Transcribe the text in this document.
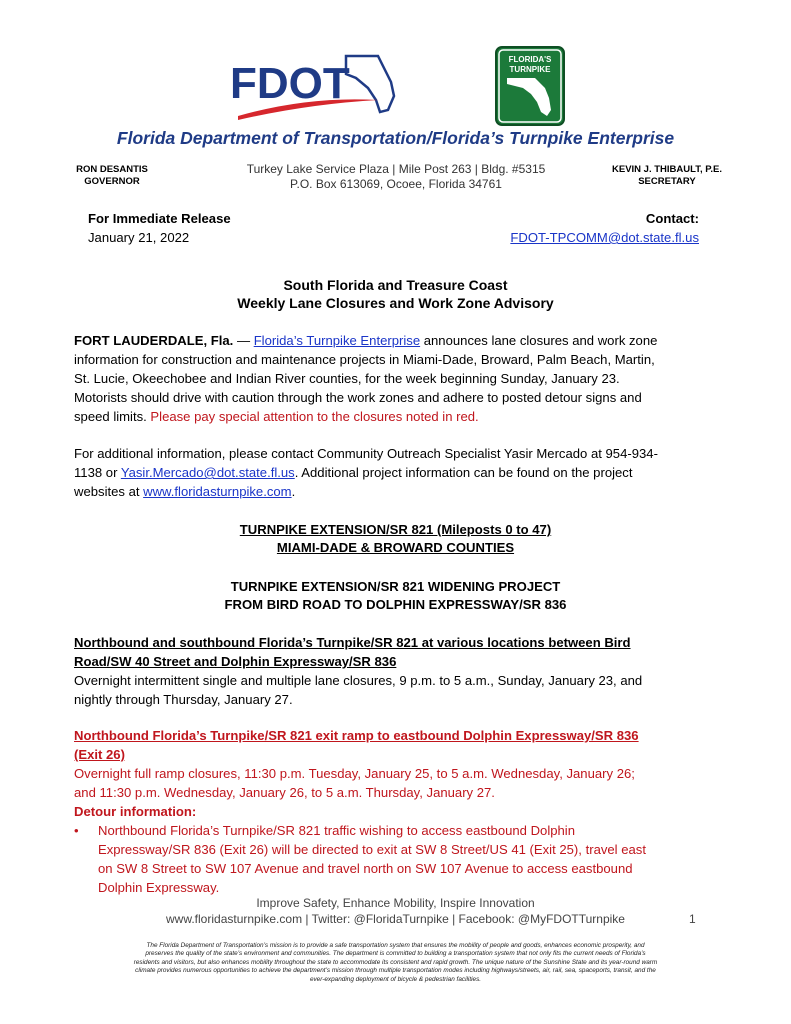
FDOT	FLORIDA'S
TURNPIKE
Florida Department of Transportation/Florida’s Turnpike Enterprise
RON DESANTIS
GOVERNOR
Turkey Lake Service Plaza | Mile Post 263 | Bldg. #5315
P.O. Box 613069, Ocoee, Florida 34761
KEVIN J. THIBAULT, P.E.
SECRETARY
For Immediate Release
January 21, 2022
Contact:
FDOT-TPCOMM@dot.state.fl.us
South Florida and Treasure Coast
Weekly Lane Closures and Work Zone Advisory
FORT LAUDERDALE, Fla. — Florida’s Turnpike Enterprise announces lane closures and work zone
information for construction and maintenance projects in Miami-Dade, Broward, Palm Beach, Martin,
St. Lucie, Okeechobee and Indian River counties, for the week beginning Sunday, January 23.
Motorists should drive with caution through the work zones and adhere to posted detour signs and
speed limits. Please pay special attention to the closures noted in red.
For additional information, please contact Community Outreach Specialist Yasir Mercado at 954-934-
1138 or Yasir.Mercado@dot.state.fl.us. Additional project information can be found on the project
websites at www.floridasturnpike.com.
TURNPIKE EXTENSION/SR 821 (Mileposts 0 to 47)
MIAMI-DADE & BROWARD COUNTIES
TURNPIKE EXTENSION/SR 821 WIDENING PROJECT
FROM BIRD ROAD TO DOLPHIN EXPRESSWAY/SR 836
Northbound and southbound Florida’s Turnpike/SR 821 at various locations between Bird
Road/SW 40 Street and Dolphin Expressway/SR 836
Overnight intermittent single and multiple lane closures, 9 p.m. to 5 a.m., Sunday, January 23, and
nightly through Thursday, January 27.
Northbound Florida’s Turnpike/SR 821 exit ramp to eastbound Dolphin Expressway/SR 836
(Exit 26)
Overnight full ramp closures, 11:30 p.m. Tuesday, January 25, to 5 a.m. Wednesday, January 26;
and 11:30 p.m. Wednesday, January 26, to 5 a.m. Thursday, January 27.
Detour information:
• Northbound Florida’s Turnpike/SR 821 traffic wishing to access eastbound Dolphin
Expressway/SR 836 (Exit 26) will be directed to exit at SW 8 Street/US 41 (Exit 25), travel east
on SW 8 Street to SW 107 Avenue and travel north on SW 107 Avenue to access eastbound
Dolphin Expressway.
Improve Safety, Enhance Mobility, Inspire Innovation
www.floridasturnpike.com | Twitter: @FloridaTurnpike | Facebook: @MyFDOTTurnpike	1
The Florida Department of Transportation’s mission is to provide a safe transportation system that ensures the mobility of people and goods, enhances economic prosperity, and
preserves the quality of the state’s environment and communities. The department is committed to building a transportation system that not only fits the current needs of Florida’s
residents and visitors, but also enhances mobility throughout the state to accommodate its consistent and rapid growth. The unique nature of the Sunshine State and its year-round warm
climate provides numerous opportunities to achieve the department’s mission through multiple transportation modes including highways/streets, air, rail, sea, spaceports, transit, and the
ever-expanding deployment of bicycle & pedestrian facilities.
